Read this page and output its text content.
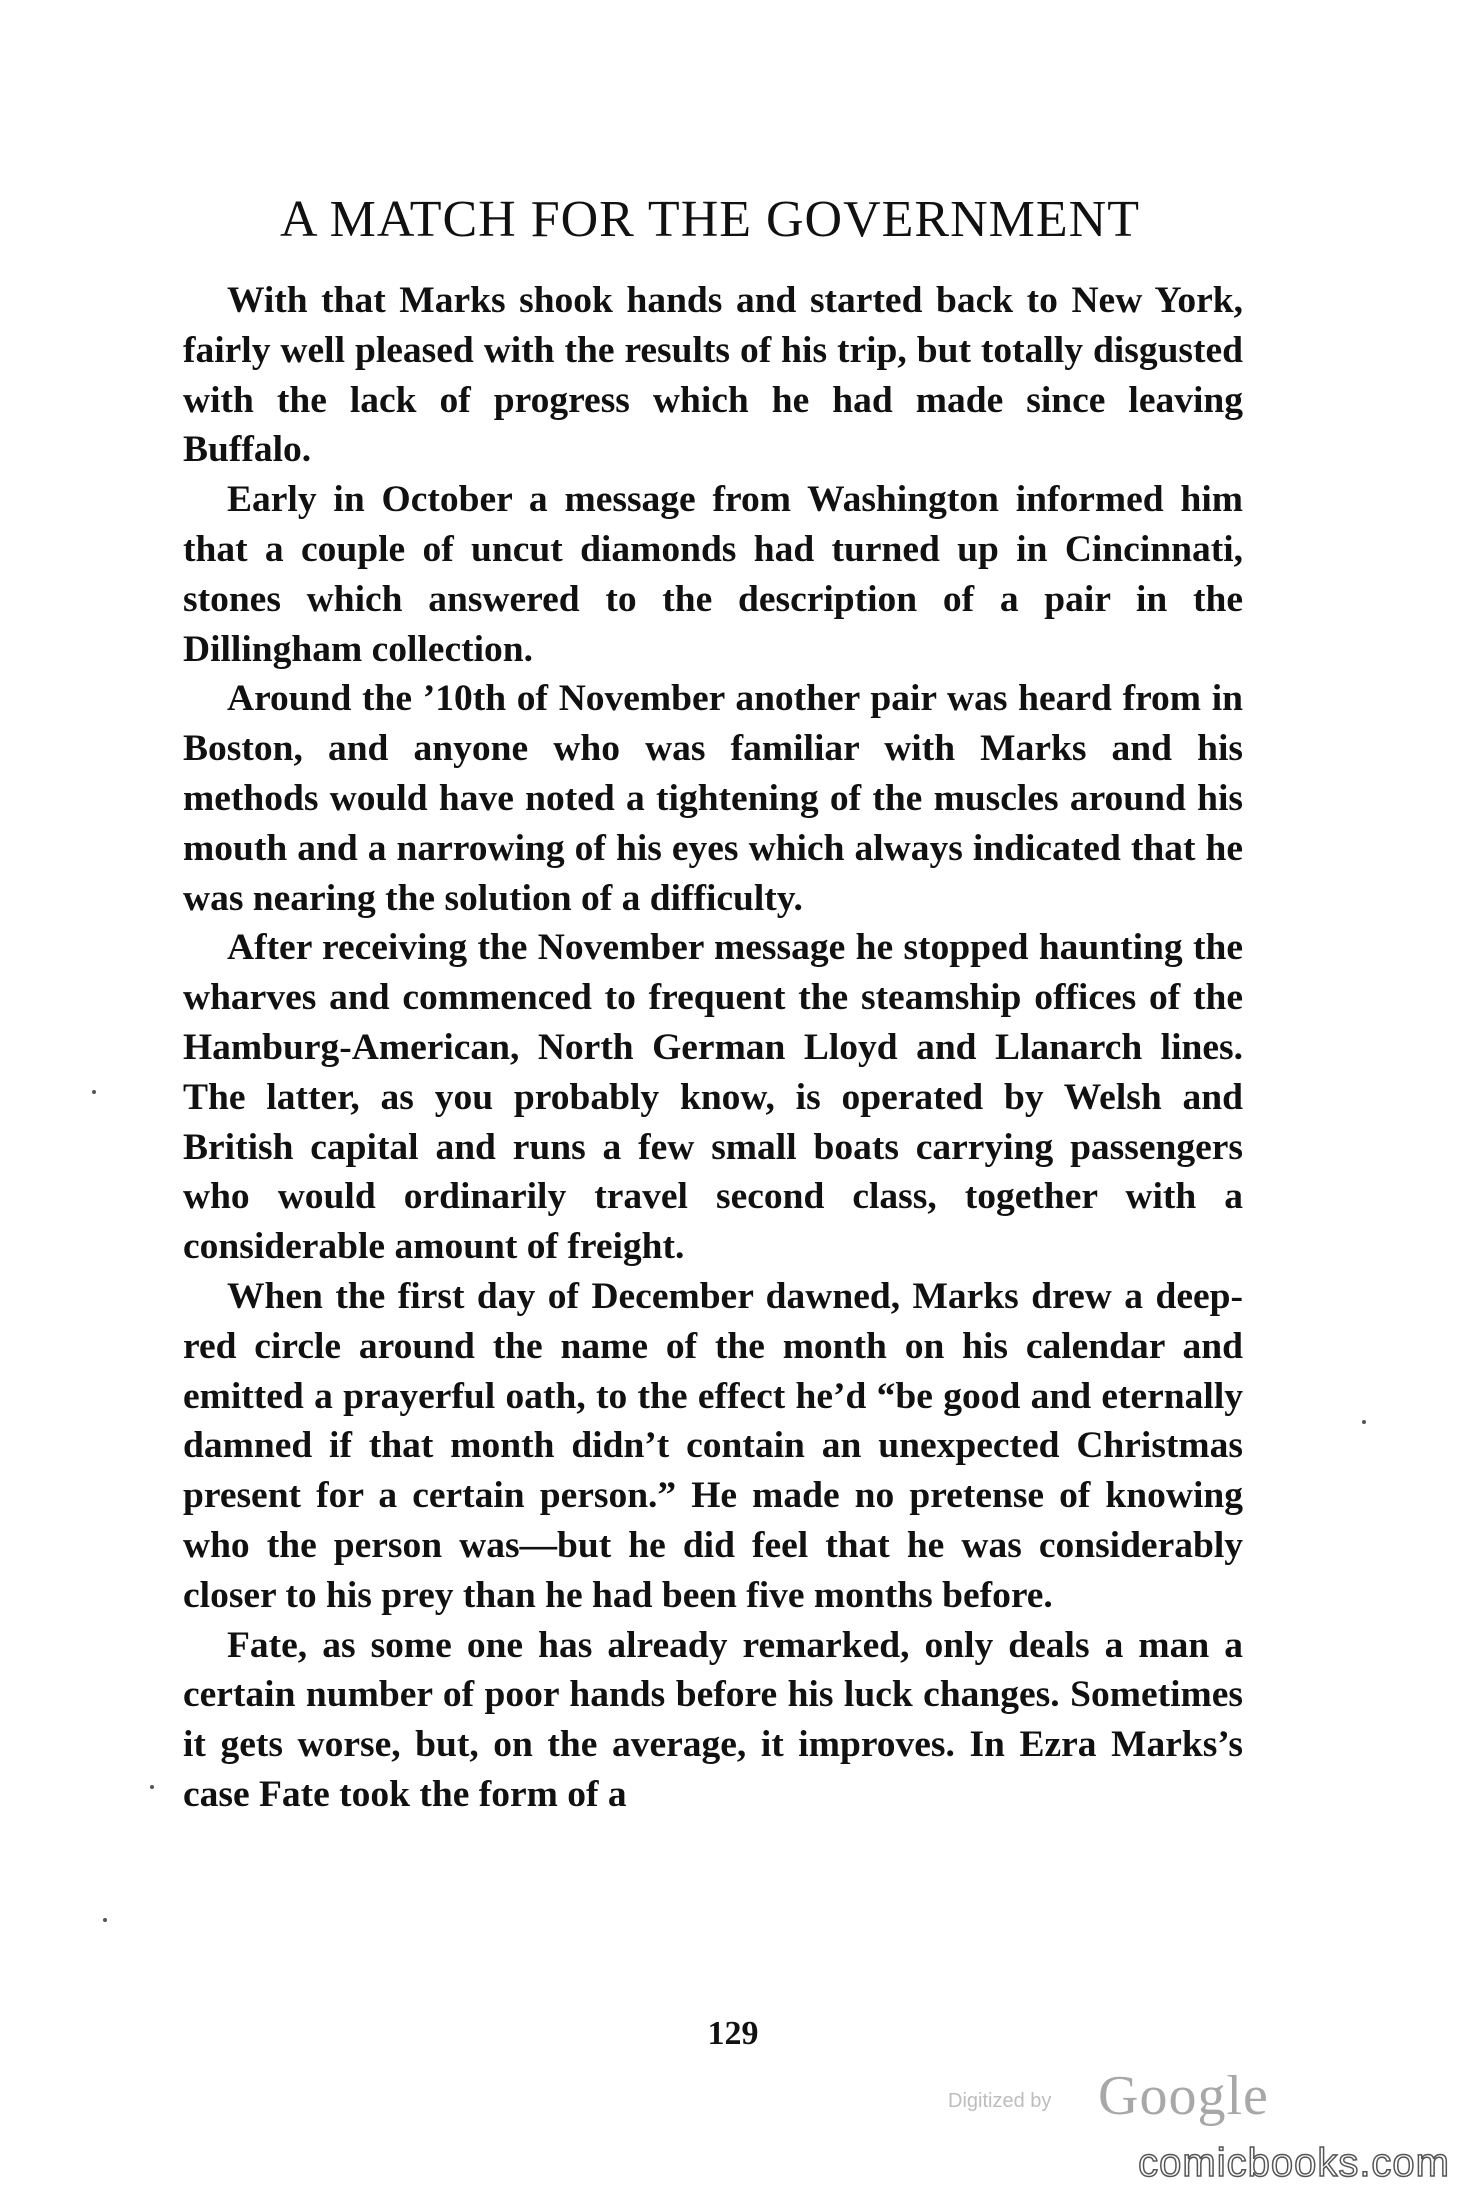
A MATCH FOR THE GOVERNMENT

With that Marks shook hands and started back to New York, fairly well pleased with the results of his trip, but totally disgusted with the lack of progress which he had made since leaving Buffalo.

Early in October a message from Washington informed him that a couple of uncut diamonds had turned up in Cincinnati, stones which answered to the description of a pair in the Dillingham collection.

Around the ’10th of November another pair was heard from in Boston, and anyone who was familiar with Marks and his methods would have noted a tightening of the muscles around his mouth and a narrowing of his eyes which always indicated that he was nearing the solution of a difficulty.

After receiving the November message he stopped haunting the wharves and commenced to frequent the steamship offices of the Hamburg-American, North German Lloyd and Llanarch lines. The latter, as you probably know, is operated by Welsh and British capital and runs a few small boats carrying passengers who would ordinarily travel second class, together with a considerable amount of freight.

When the first day of December dawned, Marks drew a deep-red circle around the name of the month on his calendar and emitted a prayerful oath, to the effect he’d “be good and eternally damned if that month didn’t contain an unexpected Christmas present for a certain person.” He made no pretense of knowing who the person was—but he did feel that he was considerably closer to his prey than he had been five months before.

Fate, as some one has already remarked, only deals a man a certain number of poor hands before his luck changes. Sometimes it gets worse, but, on the average, it improves. In Ezra Marks’s case Fate took the form of a

129
Digitized by Google
comicbooks.com
